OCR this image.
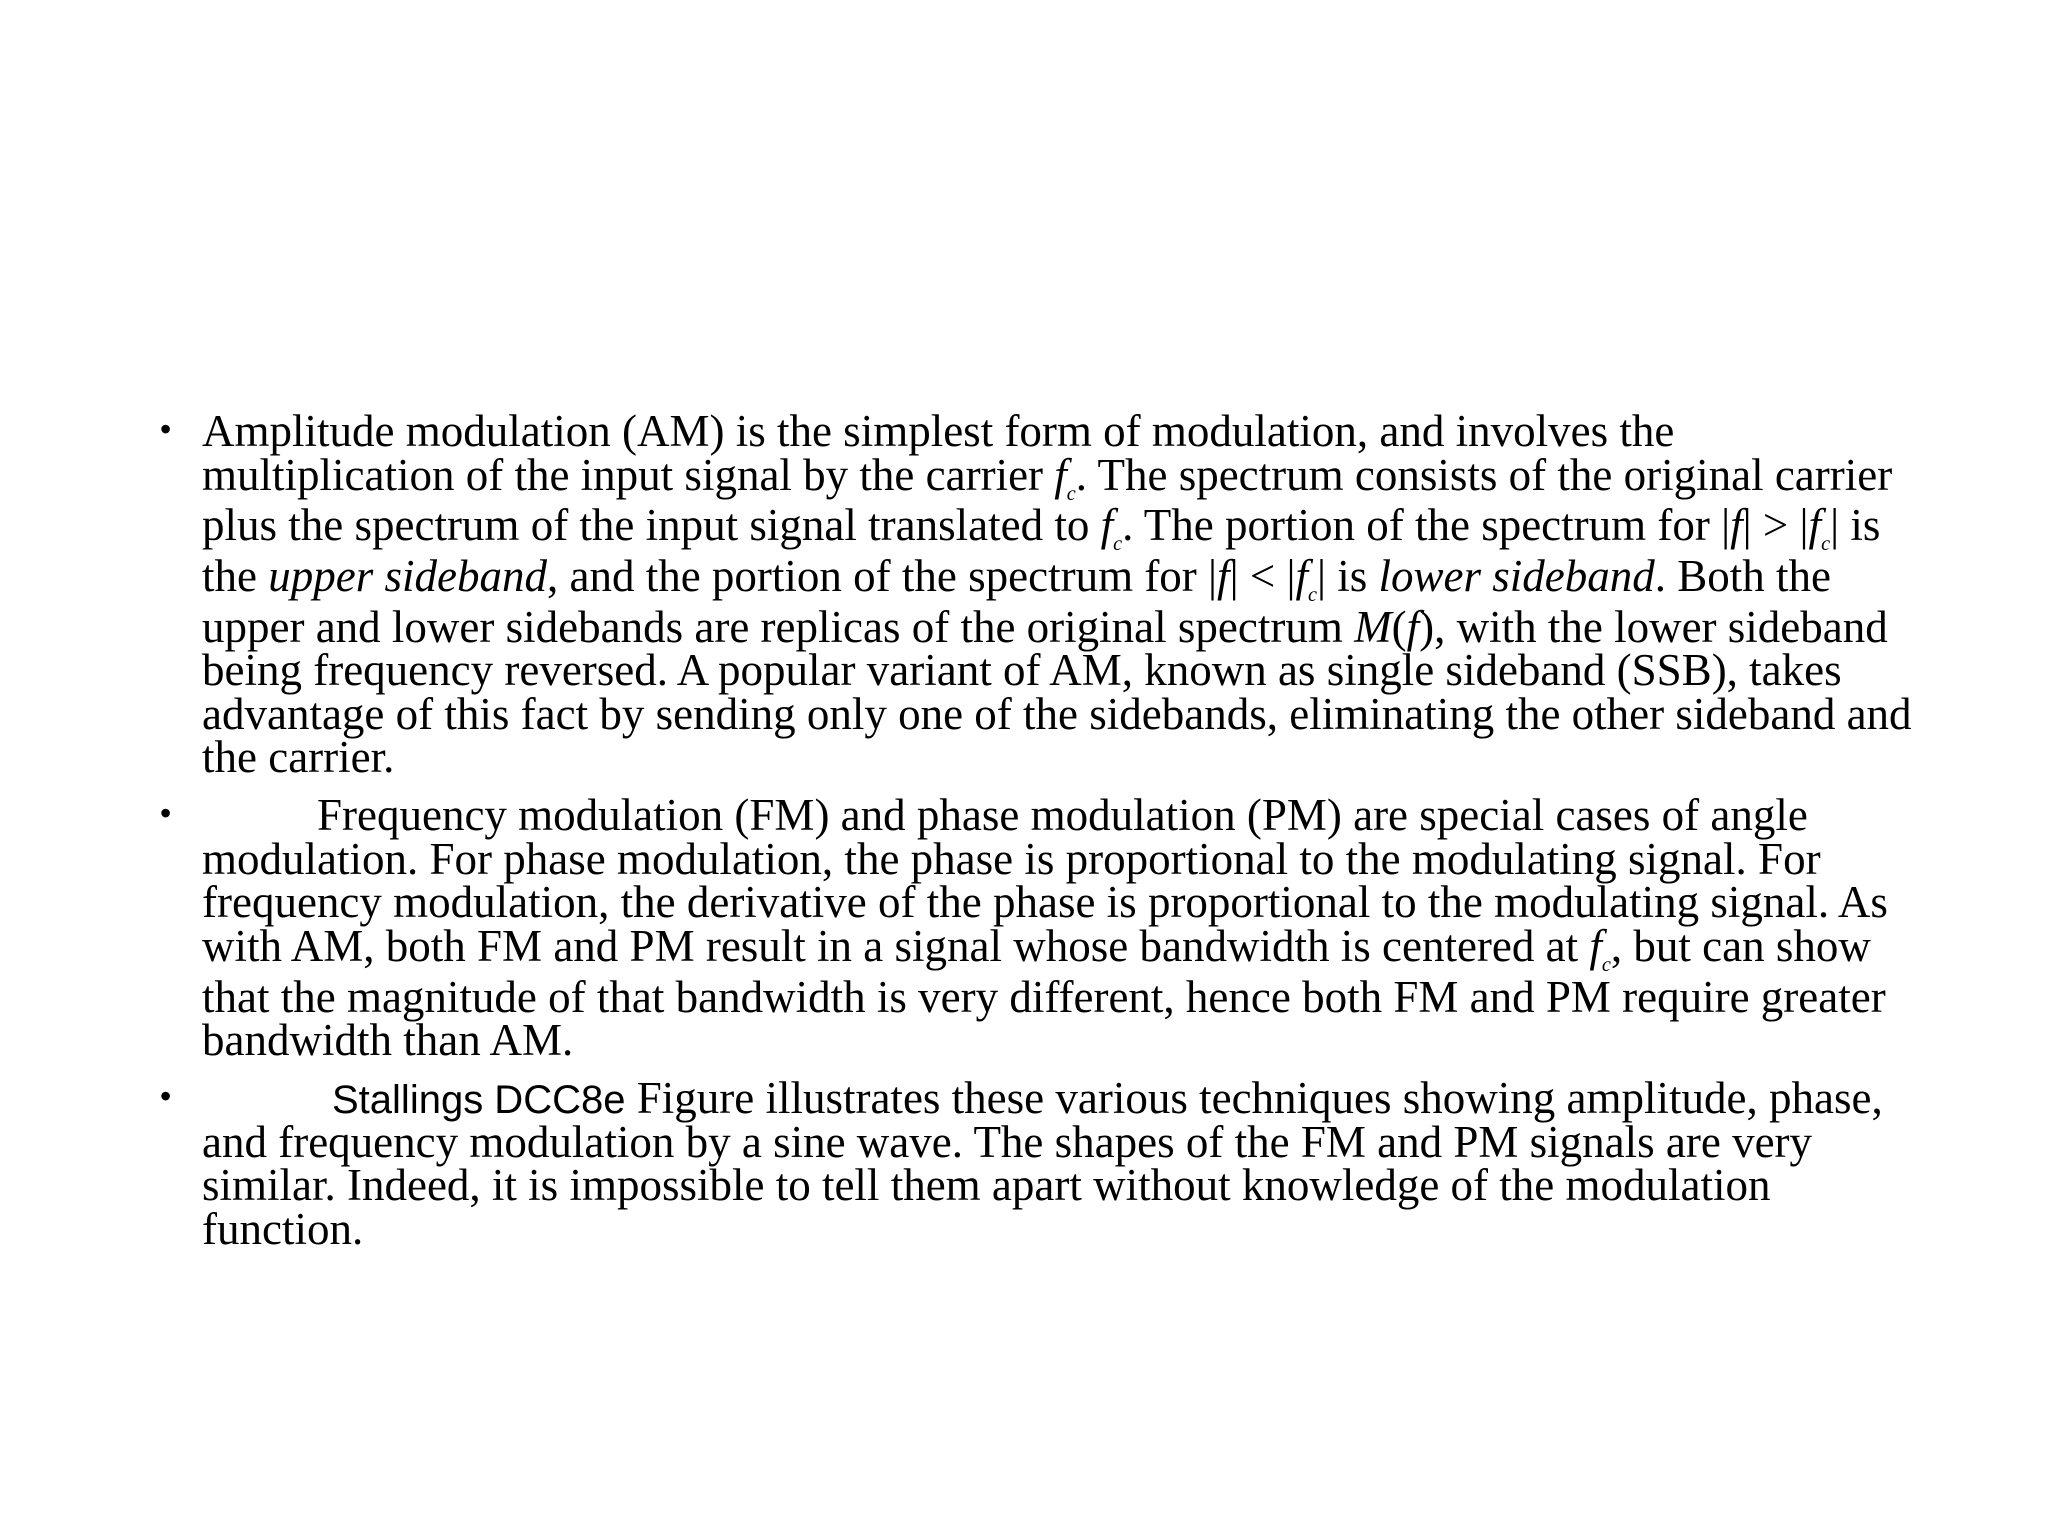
• Amplitude modulation (AM) is the simplest form of modulation, and involves the multiplication of the input signal by the carrier $f_c$. The spectrum consists of the original carrier plus the spectrum of the input signal translated to $f_c$. The portion of the spectrum for $|f| > |f_c|$ is the upper sideband, and the portion of the spectrum for $|f| < |f_c|$ is lower sideband. Both the upper and lower sidebands are replicas of the original spectrum M(f), with the lower sideband being frequency reversed. A popular variant of AM, known as single sideband (SSB), takes advantage of this fact by sending only one of the sidebands, eliminating the other sideband and the carrier.
•	Frequency modulation (FM) and phase modulation (PM) are special cases of angle modulation. For phase modulation, the phase is proportional to the modulating signal. For frequency modulation, the derivative of the phase is proportional to the modulating signal. As with AM, both FM and PM result in a signal whose bandwidth is centered at $f_c$, but can show that the magnitude of that bandwidth is very different, hence both FM and PM require greater bandwidth than AM.
•	Stallings DCC8e Figure illustrates these various techniques showing amplitude, phase, and frequency modulation by a sine wave. The shapes of the FM and PM signals are very similar. Indeed, it is impossible to tell them apart without knowledge of the modulation function.
